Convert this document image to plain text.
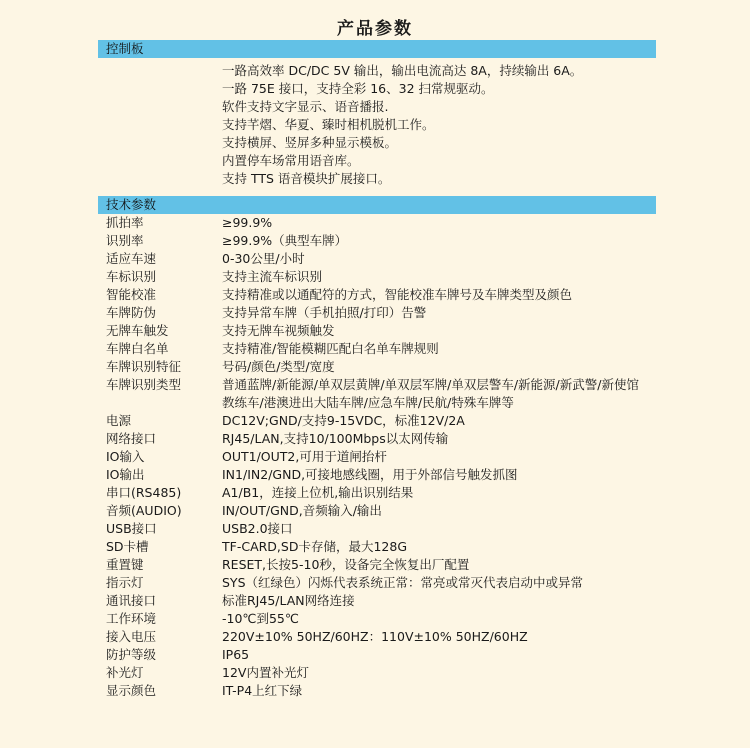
产品参数
控制板
一路高效率 DC/DC 5V 输出，输出电流高达 8A，持续输出 6A。
一路 75E 接口，支持全彩 16、32 扫常规驱动。
软件支持文字显示、语音播报.
支持芊熠、华夏、臻时相机脱机工作。
支持横屏、竖屏多种显示模板。
内置停车场常用语音库。
支持 TTS 语音模块扩展接口。
技术参数
抓拍率	≥99.9%
识别率	≥99.9%（典型车牌）
适应车速	0-30公里/小时
车标识别	支持主流车标识别
智能校准	支持精准或以通配符的方式，智能校准车牌号及车牌类型及颜色
车牌防伪	支持异常车牌（手机拍照/打印）告警
无牌车触发	支持无牌车视频触发
车牌白名单	支持精准/智能模糊匹配白名单车牌规则
车牌识别特征	号码/颜色/类型/宽度
车牌识别类型	普通蓝牌/新能源/单双层黄牌/单双层军牌/单双层警车/新能源/新武警/新使馆教练车/港澳进出大陆车牌/应急车牌/民航/特殊车牌等
电源	DC12V;GND/支持9-15VDC，标准12V/2A
网络接口	RJ45/LAN,支持10/100Mbps以太网传输
IO输入	OUT1/OUT2,可用于道闸抬杆
IO输出	IN1/IN2/GND,可接地感线圈，用于外部信号触发抓图
串口(RS485)	A1/B1，连接上位机,输出识别结果
音频(AUDIO)	IN/OUT/GND,音频输入/输出
USB接口	USB2.0接口
SD卡槽	TF-CARD,SD卡存储，最大128G
重置键	RESET,长按5-10秒，设备完全恢复出厂配置
指示灯	SYS（红绿色）闪烁代表系统正常：常亮或常灭代表启动中或异常
通讯接口	标准RJ45/LAN网络连接
工作环境	-10℃到55℃
接入电压	220V±10% 50HZ/60HZ：110V±10% 50HZ/60HZ
防护等级	IP65
补光灯	12V内置补光灯
显示颜色	IT-P4上红下绿
